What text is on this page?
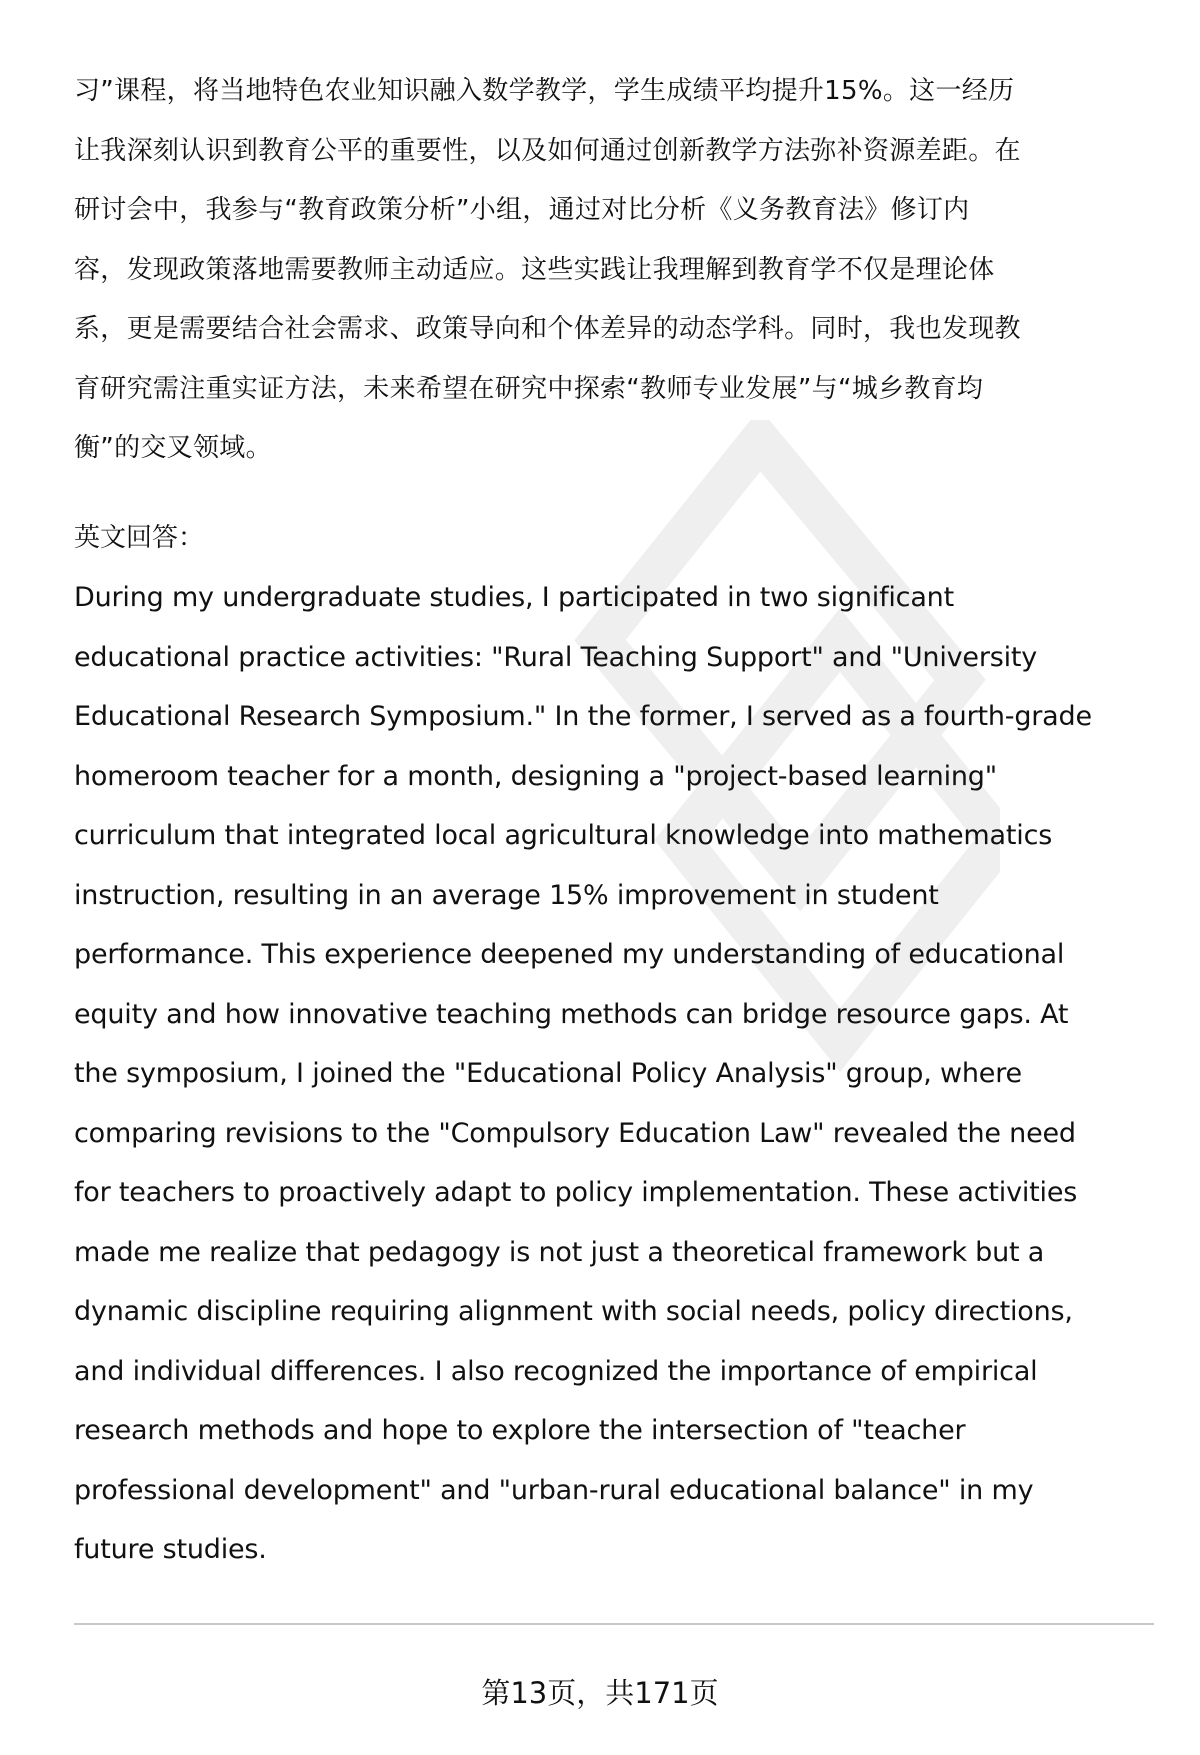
习”课程，将当地特色农业知识融入数学教学，学生成绩平均提升15%。这一经历
让我深刻认识到教育公平的重要性，以及如何通过创新教学方法弥补资源差距。在
研讨会中，我参与“教育政策分析”小组，通过对比分析《义务教育法》修订内
容，发现政策落地需要教师主动适应。这些实践让我理解到教育学不仅是理论体
系，更是需要结合社会需求、政策导向和个体差异的动态学科。同时，我也发现教
育研究需注重实证方法，未来希望在研究中探索“教师专业发展”与“城乡教育均
衡”的交叉领域。
英文回答：
During my undergraduate studies, I participated in two significant
educational practice activities: "Rural Teaching Support" and "University
Educational Research Symposium." In the former, I served as a fourth-grade
homeroom teacher for a month, designing a "project-based learning"
curriculum that integrated local agricultural knowledge into mathematics
instruction, resulting in an average 15% improvement in student
performance. This experience deepened my understanding of educational
equity and how innovative teaching methods can bridge resource gaps. At
the symposium, I joined the "Educational Policy Analysis" group, where
comparing revisions to the "Compulsory Education Law" revealed the need
for teachers to proactively adapt to policy implementation. These activities
made me realize that pedagogy is not just a theoretical framework but a
dynamic discipline requiring alignment with social needs, policy directions,
and individual differences. I also recognized the importance of empirical
research methods and hope to explore the intersection of "teacher
professional development" and "urban-rural educational balance" in my
future studies.
第13页，共171页
